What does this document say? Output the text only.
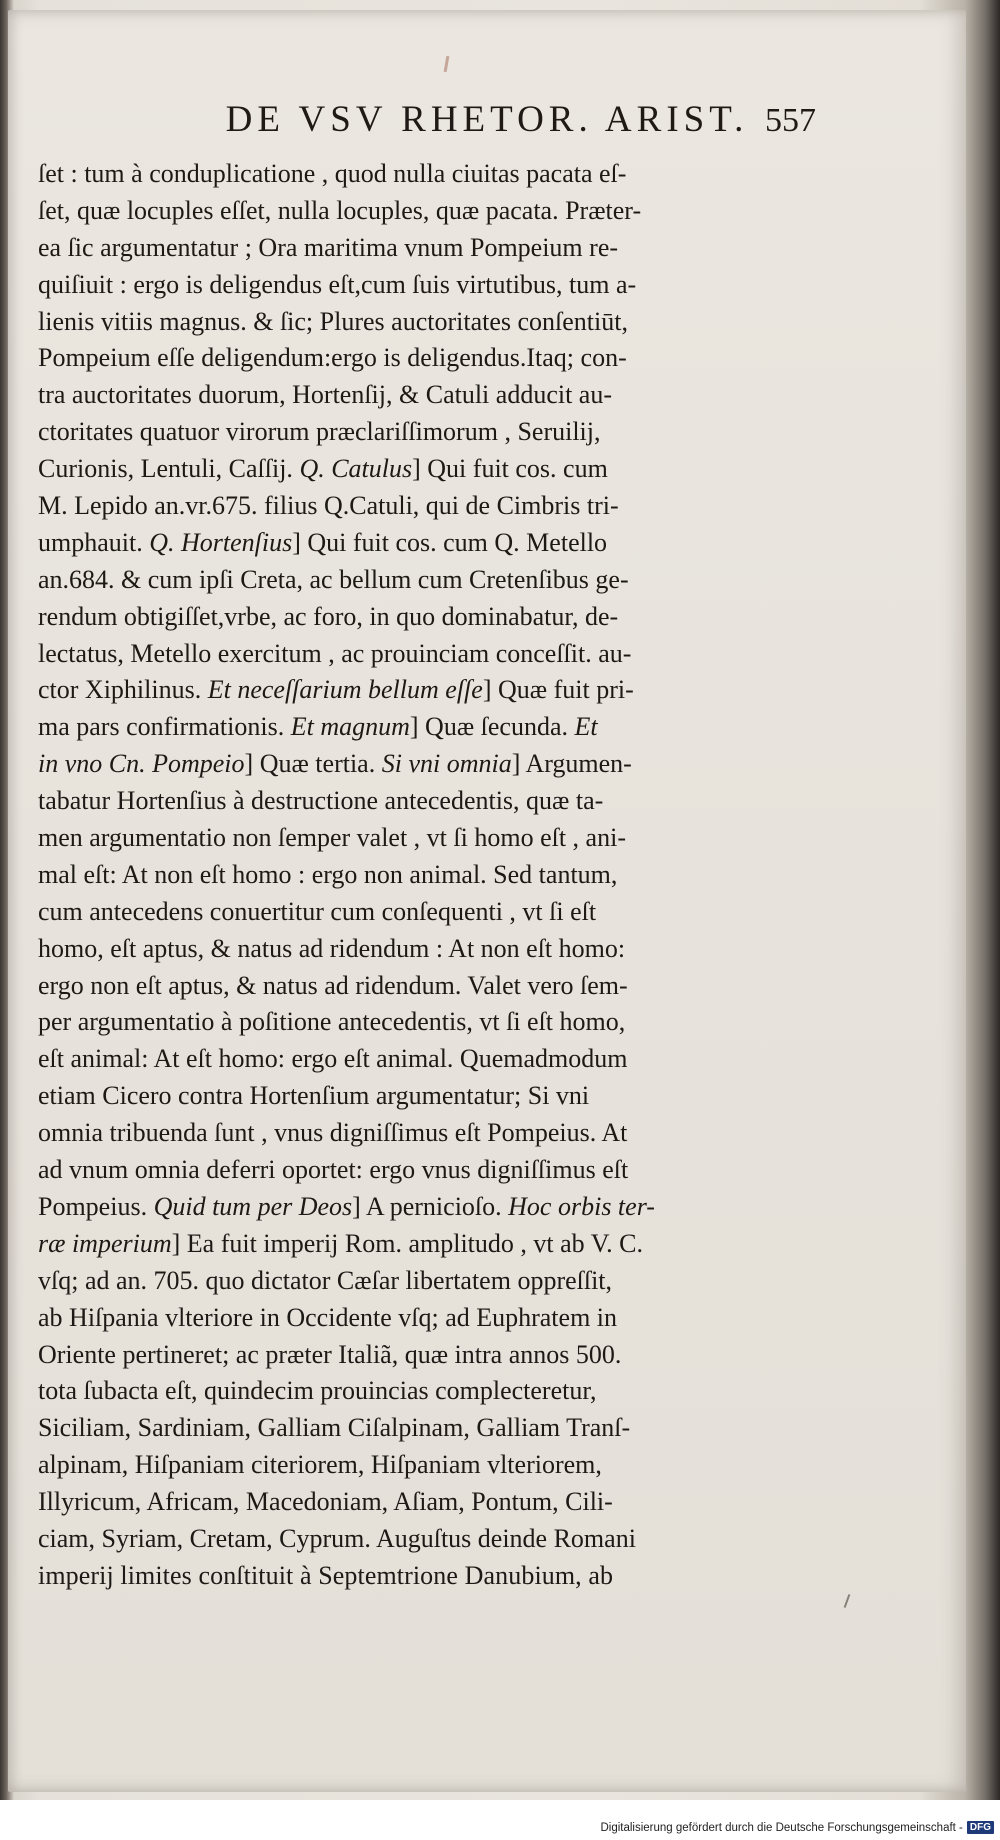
DE VSV RHETOR. ARIST. 557
ſet : tum à conduplicatione , quod nulla ciuitas pacata eſ-
ſet, quæ locuples eſſet, nulla locuples, quæ pacata. Præter-
ea ſic argumentatur ; Ora maritima vnum Pompeium re-
quiſiuit : ergo is deligendus eſt,cum ſuis virtutibus, tum a-
lienis vitiis magnus. & ſic; Plures auctoritates conſentiūt,
Pompeium eſſe deligendum:ergo is deligendus.Itaq; con-
tra auctoritates duorum, Hortenſij, & Catuli adducit au-
ctoritates quatuor virorum præclariſſimorum , Seruilij,
Curionis, Lentuli, Caſſij. Q. Catulus] Qui fuit cos. cum
M. Lepido an.vr.675. filius Q.Catuli, qui de Cimbris tri-
umphauit. Q. Hortenſius] Qui fuit cos. cum Q. Metello
an.684. & cum ipſi Creta, ac bellum cum Cretenſibus ge-
rendum obtigiſſet,vrbe, ac foro, in quo dominabatur, de-
lectatus, Metello exercitum , ac prouinciam conceſſit. au-
ctor Xiphilinus. Et neceſſarium bellum eſſe] Quæ fuit pri-
ma pars confirmationis. Et magnum] Quæ ſecunda. Et
in vno Cn. Pompeio] Quæ tertia. Si vni omnia] Argumen-
tabatur Hortenſius à destructione antecedentis, quæ ta-
men argumentatio non ſemper valet , vt ſi homo eſt , ani-
mal eſt: At non eſt homo : ergo non animal. Sed tantum,
cum antecedens conuertitur cum conſequenti , vt ſi eſt
homo, eſt aptus, & natus ad ridendum : At non eſt homo:
ergo non eſt aptus, & natus ad ridendum. Valet vero ſem-
per argumentatio à poſitione antecedentis, vt ſi eſt homo,
eſt animal: At eſt homo: ergo eſt animal. Quemadmodum
etiam Cicero contra Hortenſium argumentatur; Si vni
omnia tribuenda ſunt , vnus digniſſimus eſt Pompeius. At
ad vnum omnia deferri oportet: ergo vnus digniſſimus eſt
Pompeius. Quid tum per Deos] A pernicioſo. Hoc orbis ter-
ræ imperium] Ea fuit imperij Rom. amplitudo , vt ab V. C.
vſq; ad an. 705. quo dictator Cæſar libertatem oppreſſit,
ab Hiſpania vlteriore in Occidente vſq; ad Euphratem in
Oriente pertineret; ac præter Italiã, quæ intra annos 500.
tota ſubacta eſt, quindecim prouincias complecteretur,
Siciliam, Sardiniam, Galliam Ciſalpinam, Galliam Tranſ-
alpinam, Hiſpaniam citeriorem, Hiſpaniam vlteriorem,
Illyricum, Africam, Macedoniam, Aſiam, Pontum, Cili-
ciam, Syriam, Cretam, Cyprum. Auguſtus deinde Romani
imperij limites conſtituit à Septemtrione Danubium, ab
Digitalisierung gefördert durch die Deutsche Forschungsgemeinschaft - DFG
